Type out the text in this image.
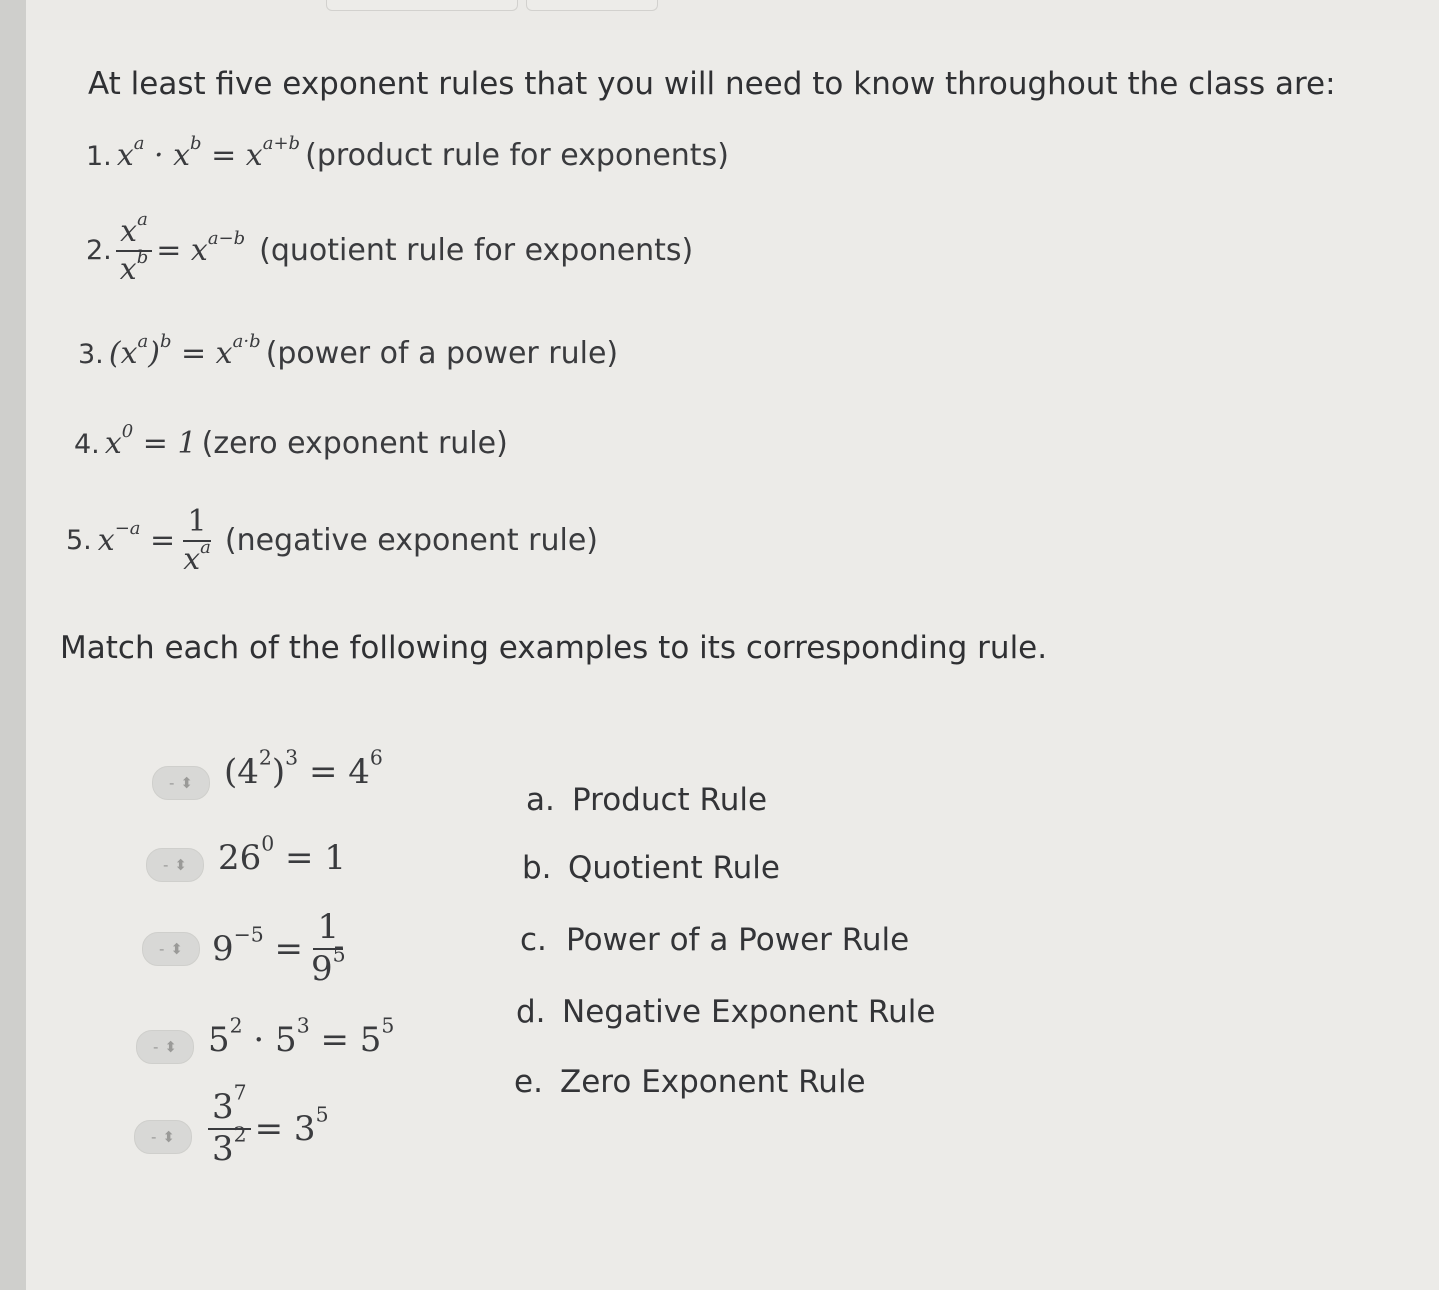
At least five exponent rules that you will need to know throughout the class are:
1. $x^a \cdot x^b = x^{a+b}$ (product rule for exponents)
2. $\frac{x^a}{x^b} = x^{a-b}$ (quotient rule for exponents)
3. $(x^a)^b = x^{a\cdot b}$ (power of a power rule)
4. $x^0 = 1$ (zero exponent rule)
5. $x^{-a} = \frac{1}{x^a}$ (negative exponent rule)
Match each of the following examples to its corresponding rule.
- ⬍ $(4^2)^3 = 4^6$
- ⬍ $26^0 = 1$
- ⬍ $9^{-5} = \frac{1}{9^5}$
- ⬍ $5^2 \cdot 5^3 = 5^5$
- ⬍ $\frac{3^7}{3^2} = 3^5$
a. Product Rule
b. Quotient Rule
c. Power of a Power Rule
d. Negative Exponent Rule
e. Zero Exponent Rule
